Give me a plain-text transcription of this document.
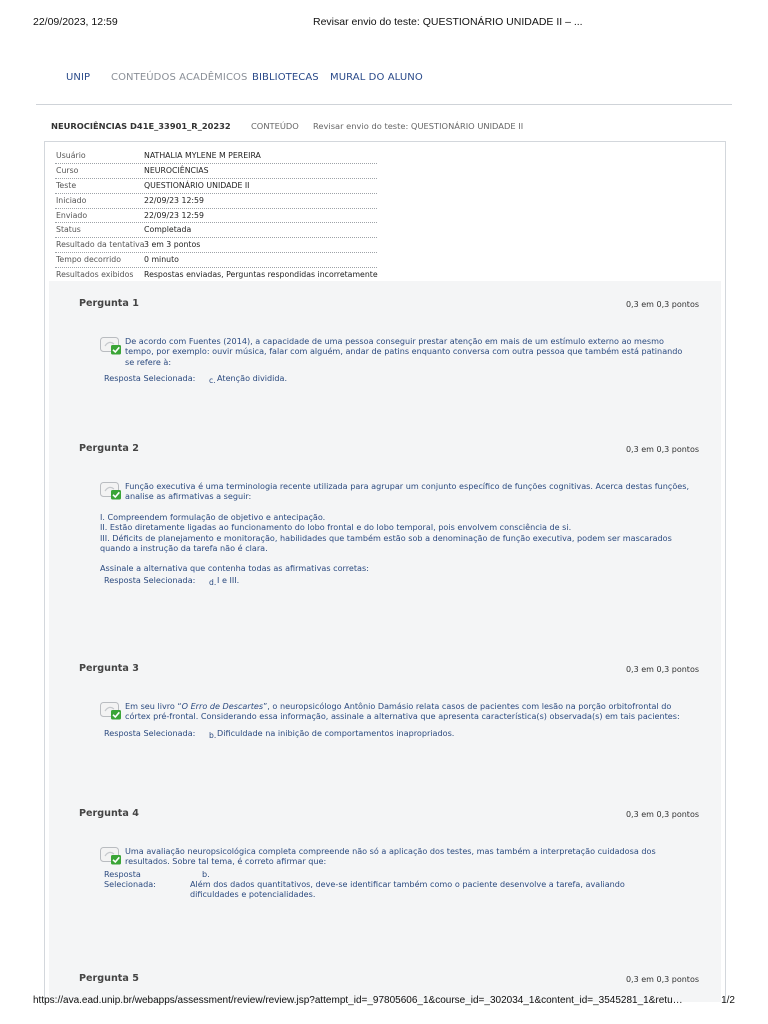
22/09/2023, 12:59	Revisar envio do teste: QUESTIONÁRIO UNIDADE II – ...
UNIP CONTEÚDOS ACADÊMICOS BIBLIOTECAS MURAL DO ALUNO
NEUROCIÊNCIAS D41E_33901_R_20232 CONTEÚDO Revisar envio do teste: QUESTIONÁRIO UNIDADE II
Usuário	NATHALIA MYLENE M PEREIRA
Curso	NEUROCIÊNCIAS
Teste	QUESTIONÁRIO UNIDADE II
Iniciado	22/09/23 12:59
Enviado	22/09/23 12:59
Status	Completada
Resultado da tentativa 3 em 3 pontos
Tempo decorrido	0 minuto
Resultados exibidos Respostas enviadas, Perguntas respondidas incorretamente
Pergunta 1	0,3 em 0,3 pontos

De acordo com Fuentes (2014), a capacidade de uma pessoa conseguir prestar atenção em mais de um estímulo externo ao mesmo tempo, por exemplo: ouvir música, falar com alguém, andar de patins enquanto conversa com outra pessoa que também está patinando se refere à:

Resposta Selecionada: c. Atenção dividida.
Pergunta 2	0,3 em 0,3 pontos

Função executiva é uma terminologia recente utilizada para agrupar um conjunto específico de funções cognitivas. Acerca destas funções, analise as afirmativas a seguir:

I. Compreendem formulação de objetivo e antecipação.
II. Estão diretamente ligadas ao funcionamento do lobo frontal e do lobo temporal, pois envolvem consciência de si.
III. Déficits de planejamento e monitoração, habilidades que também estão sob a denominação de função executiva, podem ser mascarados quando a instrução da tarefa não é clara.
Assinale a alternativa que contenha todas as afirmativas corretas:
Resposta Selecionada: d. I e III.
Pergunta 3	0,3 em 0,3 pontos

Em seu livro “O Erro de Descartes”, o neuropsicólogo Antônio Damásio relata casos de pacientes com lesão na porção orbitofrontal do córtex pré-frontal. Considerando essa informação, assinale a alternativa que apresenta característica(s) observada(s) em tais pacientes:

Resposta Selecionada: b. Dificuldade na inibição de comportamentos inapropriados.
Pergunta 4	0,3 em 0,3 pontos

Uma avaliação neuropsicológica completa compreende não só a aplicação dos testes, mas também a interpretação cuidadosa dos resultados. Sobre tal tema, é correto afirmar que:

Resposta
Selecionada:
b.
Além dos dados quantitativos, deve-se identificar também como o paciente desenvolve a tarefa, avaliando dificuldades e potencialidades.
Pergunta 5	0,3 em 0,3 pontos
https://ava.ead.unip.br/webapps/assessment/review/review.jsp?attempt_id=_97805606_1&course_id=_302034_1&content_id=_3545281_1&retu…	1/2
